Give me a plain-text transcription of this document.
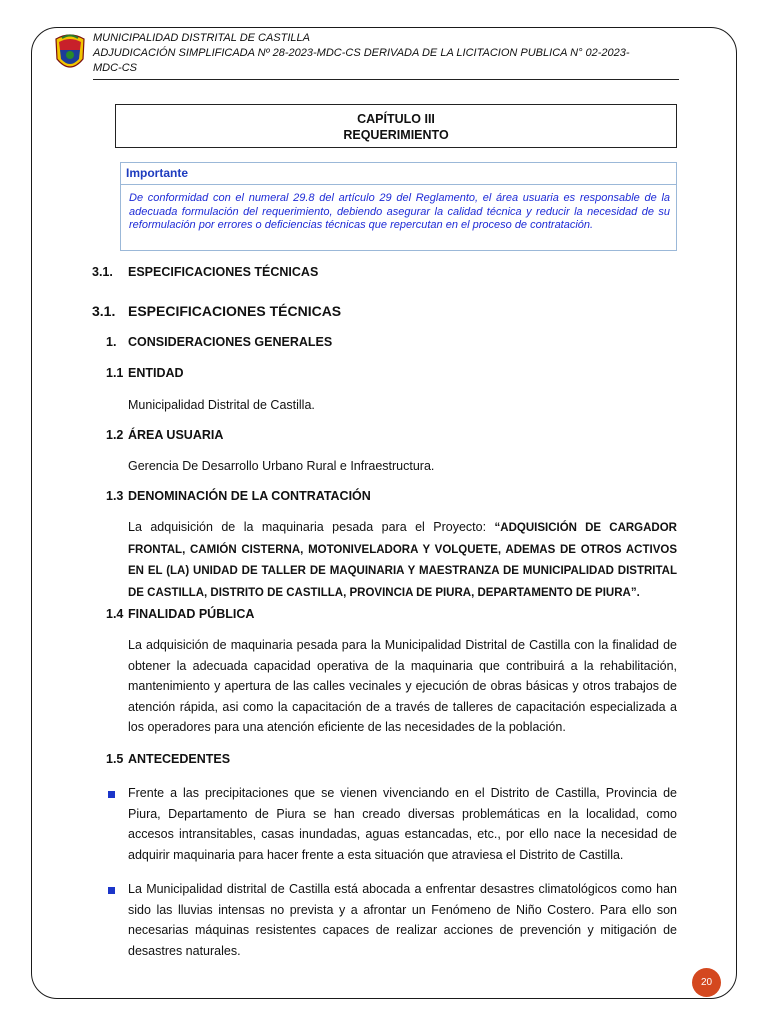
MUNICIPALIDAD DISTRITAL DE CASTILLA
ADJUDICACIÓN SIMPLIFICADA Nº 28-2023-MDC-CS DERIVADA DE LA LICITACION PUBLICA N° 02-2023-
MDC-CS
CAPÍTULO III
REQUERIMIENTO
Importante
De conformidad con el numeral 29.8 del artículo 29 del Reglamento, el área usuaria es responsable de la adecuada formulación del requerimiento, debiendo asegurar la calidad técnica y reducir la necesidad de su reformulación por errores o deficiencias técnicas que repercutan en el proceso de contratación.
3.1. ESPECIFICACIONES TÉCNICAS
3.1. ESPECIFICACIONES TÉCNICAS
1. CONSIDERACIONES GENERALES
1.1 ENTIDAD
Municipalidad Distrital de Castilla.
1.2 ÁREA USUARIA
Gerencia De Desarrollo Urbano Rural e Infraestructura.
1.3 DENOMINACIÓN DE LA CONTRATACIÓN
La adquisición de la maquinaria pesada para el Proyecto: “ADQUISICIÓN DE CARGADOR FRONTAL, CAMIÓN CISTERNA, MOTONIVELADORA Y VOLQUETE, ADEMAS DE OTROS ACTIVOS EN EL (LA) UNIDAD DE TALLER DE MAQUINARIA Y MAESTRANZA DE MUNICIPALIDAD DISTRITAL DE CASTILLA, DISTRITO DE CASTILLA, PROVINCIA DE PIURA, DEPARTAMENTO DE PIURA”.
1.4 FINALIDAD PÚBLICA
La adquisición de maquinaria pesada para la Municipalidad Distrital de Castilla con la finalidad de obtener la adecuada capacidad operativa de la maquinaria que contribuirá a la rehabilitación, mantenimiento y apertura de las calles vecinales y ejecución de obras básicas y otros trabajos de atención rápida, asi como la capacitación de a través de talleres de capacitación especializada a los operadores para una atención eficiente de las necesidades de la población.
1.5 ANTECEDENTES
Frente a las precipitaciones que se vienen vivenciando en el Distrito de Castilla, Provincia de Piura, Departamento de Piura se han creado diversas problemáticas en la localidad, como accesos intransitables, casas inundadas, aguas estancadas, etc., por ello nace la necesidad de adquirir maquinaria para hacer frente a esta situación que atraviesa el Distrito de Castilla.
La Municipalidad distrital de Castilla está abocada a enfrentar desastres climatológicos como han sido las lluvias intensas no prevista y a afrontar un Fenómeno de Niño Costero. Para ello son necesarias máquinas resistentes capaces de realizar acciones de prevención y mitigación de desastres naturales.
20
